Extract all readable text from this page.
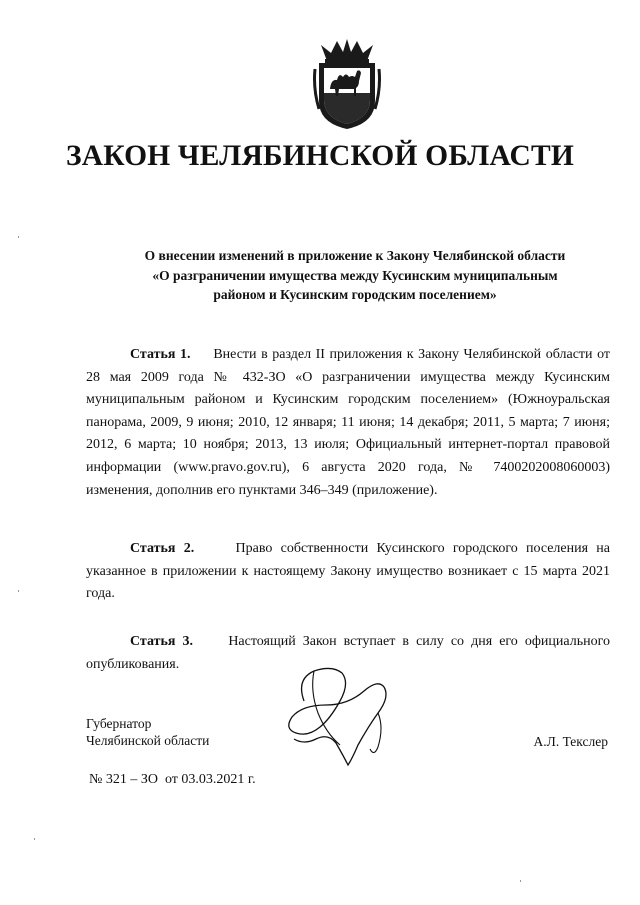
ЗАКОН ЧЕЛЯБИНСКОЙ ОБЛАСТИ
О внесении изменений в приложение к Закону Челябинской области
«О разграничении имущества между Кусинским муниципальным
районом и Кусинским городским поселением»

Статья 1. Внести в раздел II приложения к Закону Челябинской области от 28 мая 2009 года № 432-ЗО «О разграничении имущества между Кусинским муниципальным районом и Кусинским городским поселением» (Южноуральская панорама, 2009, 9 июня; 2010, 12 января; 11 июня; 14 декабря; 2011, 5 марта; 7 июня; 2012, 6 марта; 10 ноября; 2013, 13 июля; Официальный интернет-портал правовой информации (www.pravo.gov.ru), 6 августа 2020 года, № 7400202008060003) изменения, дополнив его пунктами 346–349 (приложение).

Статья 2.	Право собственности Кусинского городского поселения на указанное в приложении к настоящему Закону имущество возникает с 15 марта 2021 года.

Статья 3.	Настоящий Закон вступает в силу со дня его официального опубликования.

Губернатор
Челябинской области	А.Л. Текслер
№ 321 – ЗО от 03.03.2021 г.
